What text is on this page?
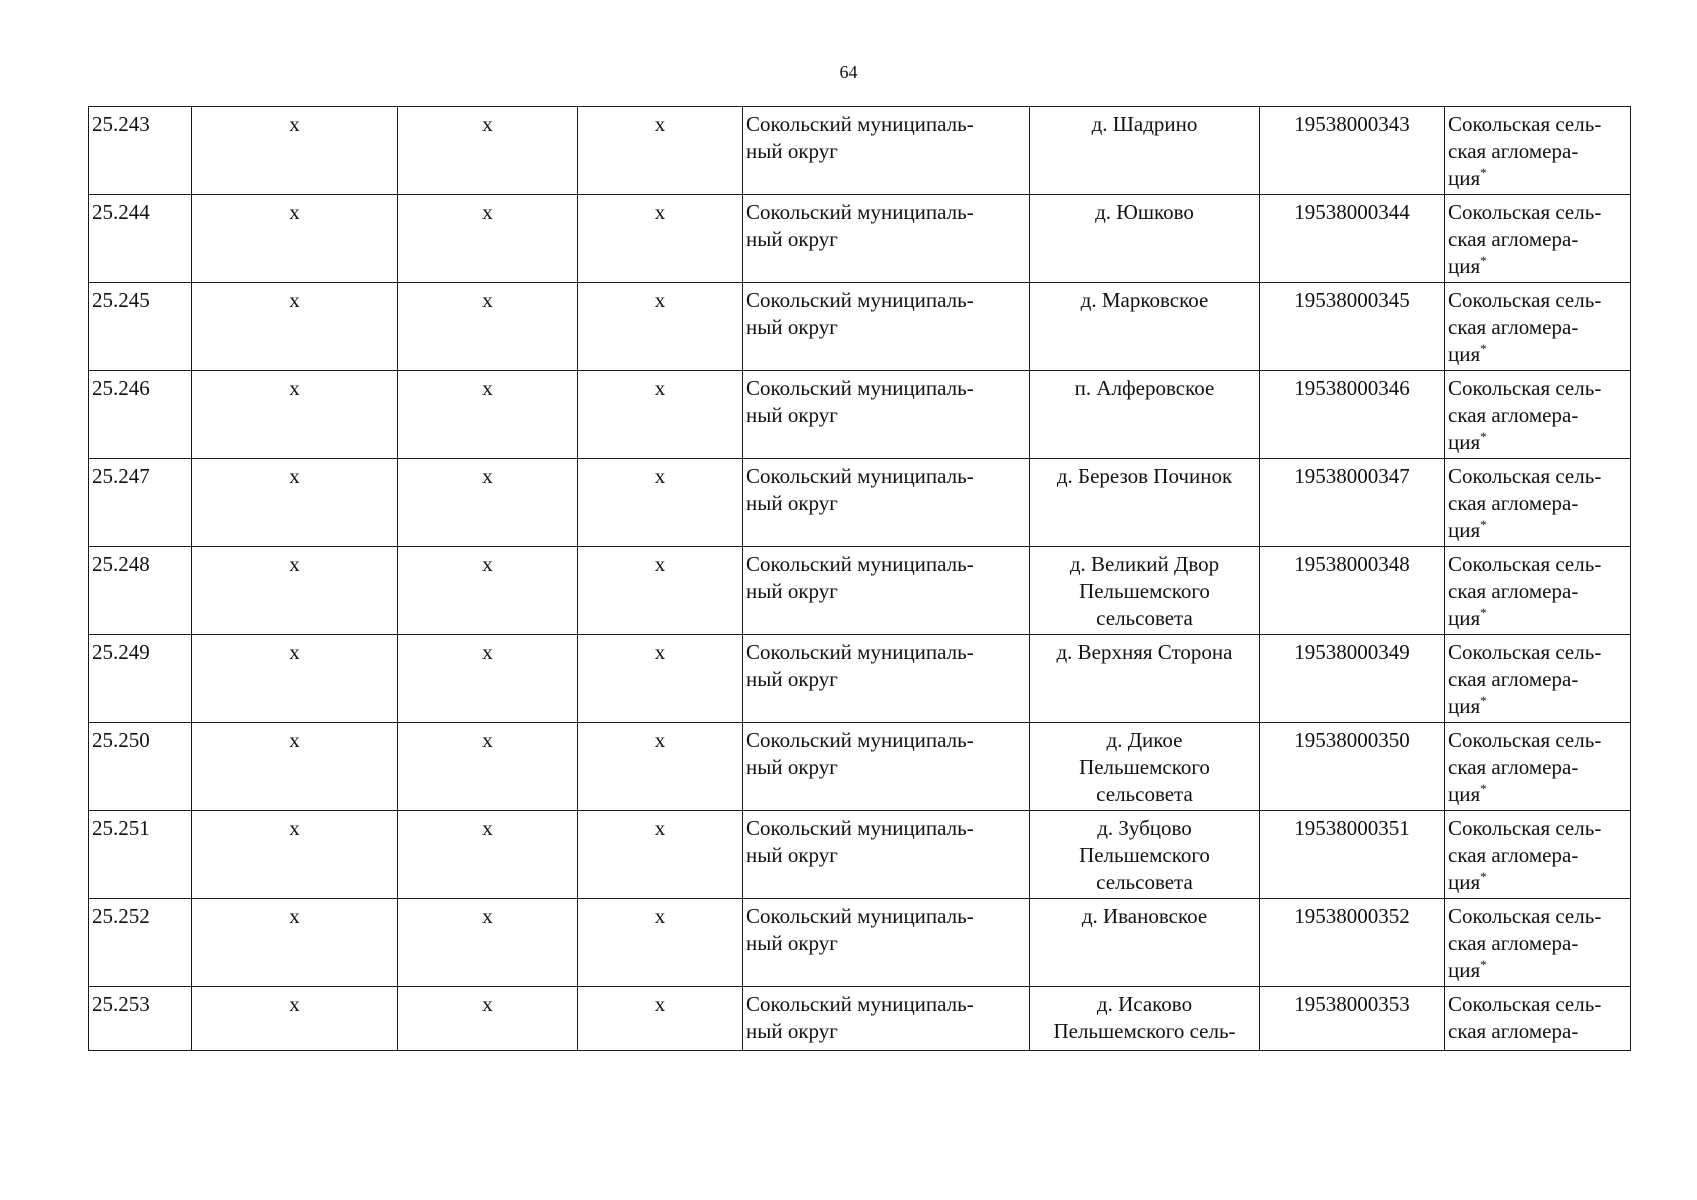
64
25.243	х	х	х	Сокольский муниципаль-
ный округ	д. Шадрино	19538000343	Сокольская сель-
ская агломера-
ция*

25.244	х	х	х	Сокольский муниципаль-
ный округ	д. Юшково	19538000344	Сокольская сель-
ская агломера-
ция*

25.245	х	х	х	Сокольский муниципаль-
ный округ	д. Марковское	19538000345	Сокольская сель-
ская агломера-
ция*

25.246	х	х	х	Сокольский муниципаль-
ный округ	п. Алферовское	19538000346	Сокольская сель-
ская агломера-
ция*

25.247	х	х	х	Сокольский муниципаль-
ный округ	д. Березов Починок	19538000347	Сокольская сель-
ская агломера-
ция*

25.248	х	х	х	Сокольский муниципаль-
ный округ	д. Великий Двор
Пельшемского
сельсовета	19538000348	Сокольская сель-
ская агломера-
ция*

25.249	х	х	х	Сокольский муниципаль-
ный округ	д. Верхняя Сторона	19538000349	Сокольская сель-
ская агломера-
ция*

25.250	х	х	х	Сокольский муниципаль-
ный округ	д. Дикое
Пельшемского
сельсовета	19538000350	Сокольская сель-
ская агломера-
ция*

25.251	х	х	х	Сокольский муниципаль-
ный округ	д. Зубцово
Пельшемского
сельсовета	19538000351	Сокольская сель-
ская агломера-
ция*

25.252	х	х	х	Сокольский муниципаль-
ный округ	д. Ивановское	19538000352	Сокольская сель-
ская агломера-
ция*

25.253	х	х	х	Сокольский муниципаль-
ный округ	д. Исаково
Пельшемского сель-	19538000353	Сокольская сель-
ская агломера-
